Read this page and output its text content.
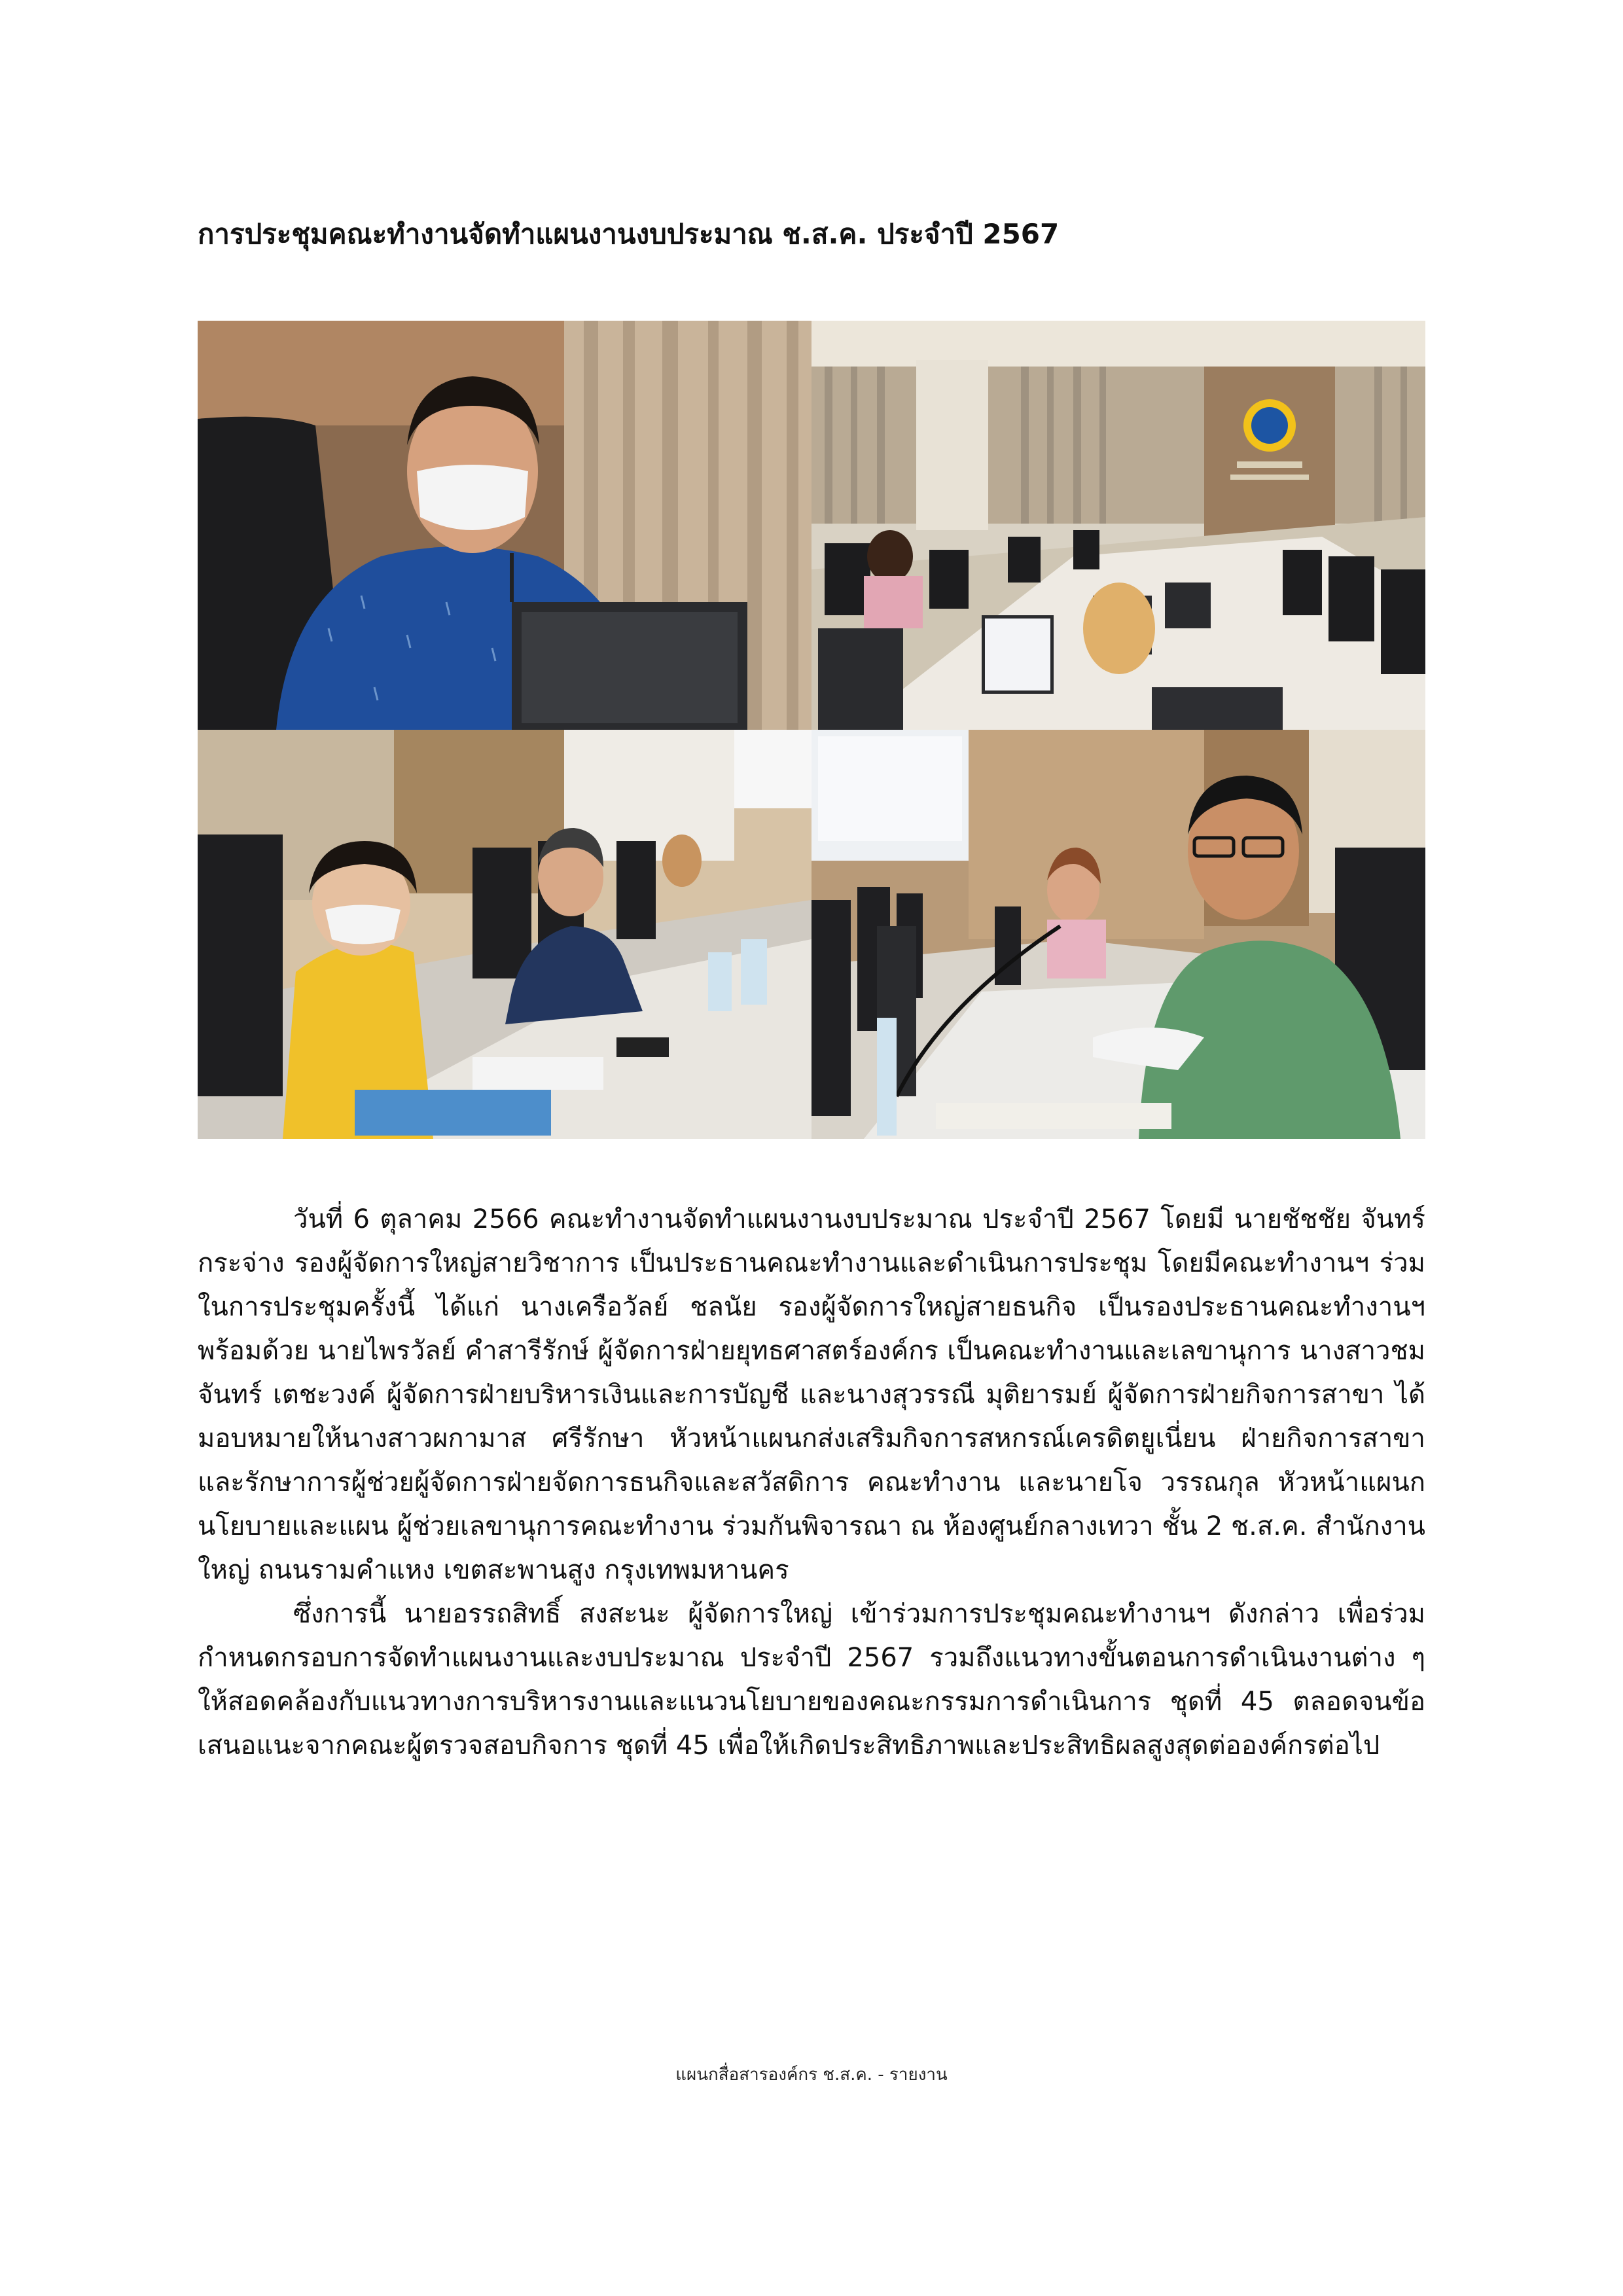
การประชุมคณะทำงานจัดทำแผนงานงบประมาณ ช.ส.ค. ประจำปี 2567

วันที่ 6 ตุลาคม 2566 คณะทำงานจัดทำแผนงานงบประมาณ ประจำปี 2567 โดยมี นายชัชชัย จันทร์กระจ่าง รองผู้จัดการใหญ่สายวิชาการ เป็นประธานคณะทำงานและดำเนินการประชุม โดยมีคณะทำงานฯ ร่วมในการประชุมครั้งนี้ ได้แก่ นางเครือวัลย์ ชลนัย รองผู้จัดการใหญ่สายธนกิจ เป็นรองประธานคณะทำงานฯ พร้อมด้วย นายไพรวัลย์ คำสารีรักษ์ ผู้จัดการฝ่ายยุทธศาสตร์องค์กร เป็นคณะทำงานและเลขานุการ นางสาวชมจันทร์ เตชะวงค์ ผู้จัดการฝ่ายบริหารเงินและการบัญชี และนางสุวรรณี มุติยารมย์ ผู้จัดการฝ่ายกิจการสาขา ได้มอบหมายให้นางสาวผกามาส ศรีรักษา หัวหน้าแผนกส่งเสริมกิจการสหกรณ์เครดิตยูเนี่ยน ฝ่ายกิจการสาขา และรักษาการผู้ช่วยผู้จัดการฝ่ายจัดการธนกิจและสวัสดิการ คณะทำงาน และนายโจ วรรณกุล หัวหน้าแผนกนโยบายและแผน ผู้ช่วยเลขานุการคณะทำงาน ร่วมกันพิจารณา ณ ห้องศูนย์กลางเทวา ชั้น 2 ช.ส.ค. สำนักงานใหญ่ ถนนรามคำแหง เขตสะพานสูง กรุงเทพมหานคร

ซึ่งการนี้ นายอรรถสิทธิ์ สงสะนะ ผู้จัดการใหญ่ เข้าร่วมการประชุมคณะทำงานฯ ดังกล่าว เพื่อร่วมกำหนดกรอบการจัดทำแผนงานและงบประมาณ ประจำปี 2567 รวมถึงแนวทางขั้นตอนการดำเนินงานต่าง ๆ ให้สอดคล้องกับแนวทางการบริหารงานและแนวนโยบายของคณะกรรมการดำเนินการ ชุดที่ 45 ตลอดจนข้อเสนอแนะจากคณะผู้ตรวจสอบกิจการ ชุดที่ 45 เพื่อให้เกิดประสิทธิภาพและประสิทธิผลสูงสุดต่อองค์กรต่อไป

แผนกสื่อสารองค์กร ช.ส.ค. - รายงาน
